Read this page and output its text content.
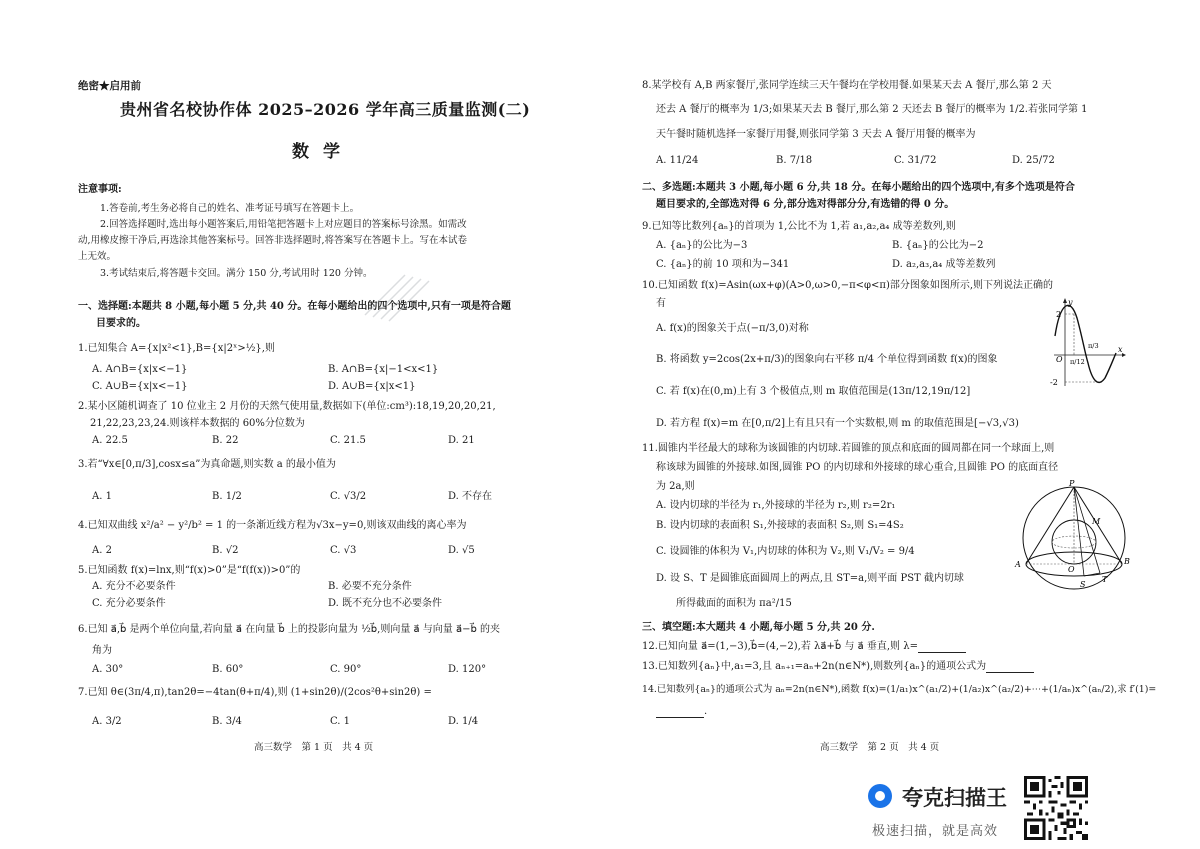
绝密★启用前
贵州省名校协作体 2025–2026 学年高三质量监测(二)
数学
注意事项:
1.答卷前,考生务必将自己的姓名、准考证号填写在答题卡上。
2.回答选择题时,选出每小题答案后,用铅笔把答题卡上对应题目的答案标号涂黑。如需改
动,用橡皮擦干净后,再选涂其他答案标号。回答非选择题时,将答案写在答题卡上。写在本试卷
上无效。
3.考试结束后,将答题卡交回。满分 150 分,考试用时 120 分钟。
一、选择题:本题共 8 小题,每小题 5 分,共 40 分。在每小题给出的四个选项中,只有一项是符合题
目要求的。
1.已知集合 A={x|x²<1},B={x|2ˣ>½},则
A. A∩B={x|x<−1}	B. A∩B={x|−1<x<1}
C. A∪B={x|x<−1}	D. A∪B={x|x<1}
2.某小区随机调查了 10 位业主 2 月份的天然气使用量,数据如下(单位:cm³):18,19,20,20,21,
21,22,23,23,24.则该样本数据的 60%分位数为
A. 22.5	B. 22	C. 21.5	D. 21
3.若“∀x∈[0,π/3],cosx≤a”为真命题,则实数 a 的最小值为
A. 1	B. 1/2	C. √3/2	D. 不存在
4.已知双曲线 x²/a² − y²/b² = 1 的一条渐近线方程为√3x−y=0,则该双曲线的离心率为
A. 2	B. √2	C. √3	D. √5
5.已知函数 f(x)=lnx,则“f(x)>0”是“f(f(x))>0”的
A. 充分不必要条件	B. 必要不充分条件
C. 充分必要条件	D. 既不充分也不必要条件
6.已知 a⃗,b⃗ 是两个单位向量,若向量 a⃗ 在向量 b⃗ 上的投影向量为 ½b⃗,则向量 a⃗ 与向量 a⃗−b⃗ 的夹
角为
A. 30°	B. 60°	C. 90°	D. 120°
7.已知 θ∈(3π/4,π),tan2θ=−4tan(θ+π/4),则 (1+sin2θ)/(2cos²θ+sin2θ) =
A. 3/2	B. 3/4	C. 1	D. 1/4
高三数学　第 1 页　共 4 页
8.某学校有 A,B 两家餐厅,张同学连续三天午餐均在学校用餐.如果某天去 A 餐厅,那么第 2 天
还去 A 餐厅的概率为 1/3;如果某天去 B 餐厅,那么第 2 天还去 B 餐厅的概率为 1/2.若张同学第 1
天午餐时随机选择一家餐厅用餐,则张同学第 3 天去 A 餐厅用餐的概率为
A. 11/24	B. 7/18	C. 31/72	D. 25/72
二、多选题:本题共 3 小题,每小题 6 分,共 18 分。在每小题给出的四个选项中,有多个选项是符合
题目要求的,全部选对得 6 分,部分选对得部分分,有选错的得 0 分。
9.已知等比数列{aₙ}的首项为 1,公比不为 1,若 a₁,a₂,a₄ 成等差数列,则
A. {aₙ}的公比为−3	B. {aₙ}的公比为−2
C. {aₙ}的前 10 项和为−341	D. a₂,a₃,a₄ 成等差数列
10.已知函数 f(x)=Asin(ωx+φ)(A>0,ω>0,−π<φ<π)部分图象如图所示,则下列说法正确的
有
A. f(x)的图象关于点(−π/3,0)对称
B. 将函数 y=2cos(2x+π/3)的图象向右平移 π/4 个单位得到函数 f(x)的图象
C. 若 f(x)在(0,m)上有 3 个极值点,则 m 取值范围是(13π/12,19π/12]
D. 若方程 f(x)=m 在[0,π/2]上有且只有一个实数根,则 m 的取值范围是[−√3,√3)
11.圆锥内半径最大的球称为该圆锥的内切球.若圆锥的顶点和底面的圆周都在同一个球面上,则
称该球为圆锥的外接球.如图,圆锥 PO 的内切球和外接球的球心重合,且圆锥 PO 的底面直径
为 2a,则
A. 设内切球的半径为 r₁,外接球的半径为 r₂,则 r₂=2r₁
B. 设内切球的表面积 S₁,外接球的表面积 S₂,则 S₁=4S₂
C. 设圆锥的体积为 V₁,内切球的体积为 V₂,则 V₁/V₂ = 9/4
D. 设 S、T 是圆锥底面圆周上的两点,且 ST=a,则平面 PST 截内切球
所得截面的面积为 πa²/15
三、填空题:本大题共 4 小题,每小题 5 分,共 20 分.
12.已知向量 a⃗=(1,−3),b⃗=(4,−2),若 λa⃗+b⃗ 与 a⃗ 垂直,则 λ=
13.已知数列{aₙ}中,a₁=3,且 aₙ₊₁=aₙ+2n(n∈N*),则数列{aₙ}的通项公式为
14.已知数列{aₙ}的通项公式为 aₙ=2n(n∈N*),函数 f(x)=(1/a₁)x^(a₁/2)+(1/a₂)x^(a₂/2)+⋯+(1/aₙ)x^(aₙ/2),求 f′(1)=
.
高三数学　第 2 页　共 4 页
2
-2
x
y
O π/12
π/3
P
M
O
A	B
S
T
夸克扫描王
极速扫描，就是高效
